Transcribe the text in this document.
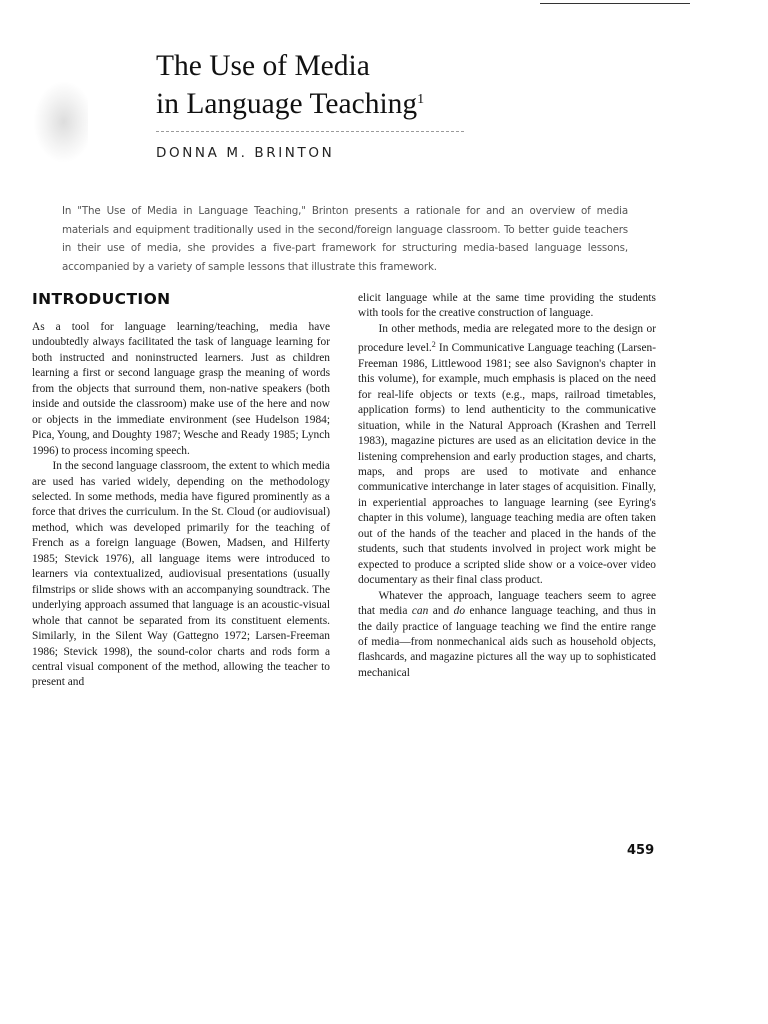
The Use of Media
in Language Teaching$^1$
DONNA M. BRINTON

In "The Use of Media in Language Teaching," Brinton presents a rationale for and an overview of media materials and equipment traditionally used in the second/foreign language classroom. To better guide teachers in their use of media, she provides a five-part framework for structuring media-based language lessons, accompanied by a variety of sample lessons that illustrate this framework.

INTRODUCTION

As a tool for language learning/teaching, media have undoubtedly always facilitated the task of language learning for both instructed and noninstructed learners. Just as children learning a first or second language grasp the meaning of words from the objects that surround them, non-native speakers (both inside and outside the classroom) make use of the here and now or objects in the immediate environment (see Hudelson 1984; Pica, Young, and Doughty 1987; Wesche and Ready 1985; Lynch 1996) to process incoming speech.

In the second language classroom, the extent to which media are used has varied widely, depending on the methodology selected. In some methods, media have figured prominently as a force that drives the curriculum. In the St. Cloud (or audiovisual) method, which was developed primarily for the teaching of French as a foreign language (Bowen, Madsen, and Hilferty 1985; Stevick 1976), all language items were introduced to learners via contextualized, audiovisual presentations (usually filmstrips or slide shows with an accompanying soundtrack. The underlying approach assumed that language is an acoustic-visual whole that cannot be separated from its constituent elements. Similarly, in the Silent Way (Gattegno 1972; Larsen-Freeman 1986; Stevick 1998), the sound-color charts and rods form a central visual component of the method, allowing the teacher to present and

elicit language while at the same time providing the students with tools for the creative construction of language.

In other methods, media are relegated more to the design or procedure level.$^2$ In Communicative Language teaching (Larsen-Freeman 1986, Littlewood 1981; see also Savignon's chapter in this volume), for example, much emphasis is placed on the need for real-life objects or texts (e.g., maps, railroad timetables, application forms) to lend authenticity to the communicative situation, while in the Natural Approach (Krashen and Terrell 1983), magazine pictures are used as an elicitation device in the listening comprehension and early production stages, and charts, maps, and props are used to motivate and enhance communicative interchange in later stages of acquisition. Finally, in experiential approaches to language learning (see Eyring's chapter in this volume), language teaching media are often taken out of the hands of the teacher and placed in the hands of the students, such that students involved in project work might be expected to produce a scripted slide show or a voice-over video documentary as their final class product.

Whatever the approach, language teachers seem to agree that media can and do enhance language teaching, and thus in the daily practice of language teaching we find the entire range of media—from nonmechanical aids such as household objects, flashcards, and magazine pictures all the way up to sophisticated mechanical

459
